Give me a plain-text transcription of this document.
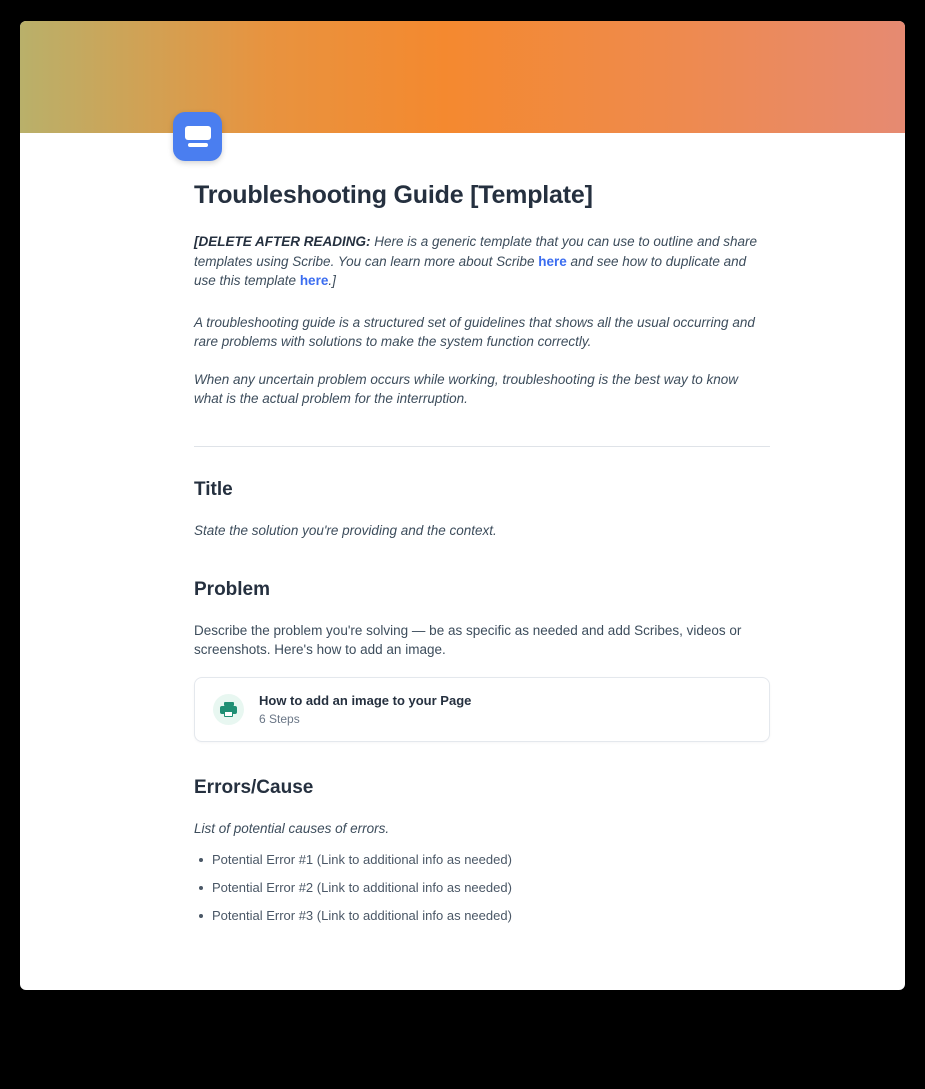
Troubleshooting Guide [Template]

[DELETE AFTER READING: Here is a generic template that you can use to outline and share templates using Scribe. You can learn more about Scribe here and see how to duplicate and use this template here.]

A troubleshooting guide is a structured set of guidelines that shows all the usual occurring and rare problems with solutions to make the system function correctly.

When any uncertain problem occurs while working, troubleshooting is the best way to know what is the actual problem for the interruption.

Title

State the solution you're providing and the context.

Problem

Describe the problem you're solving — be as specific as needed and add Scribes, videos or screenshots. Here's how to add an image.

How to add an image to your Page

6 Steps

Errors/Cause

List of potential causes of errors.

Potential Error #1 (Link to additional info as needed)
Potential Error #2 (Link to additional info as needed)
Potential Error #3 (Link to additional info as needed)
